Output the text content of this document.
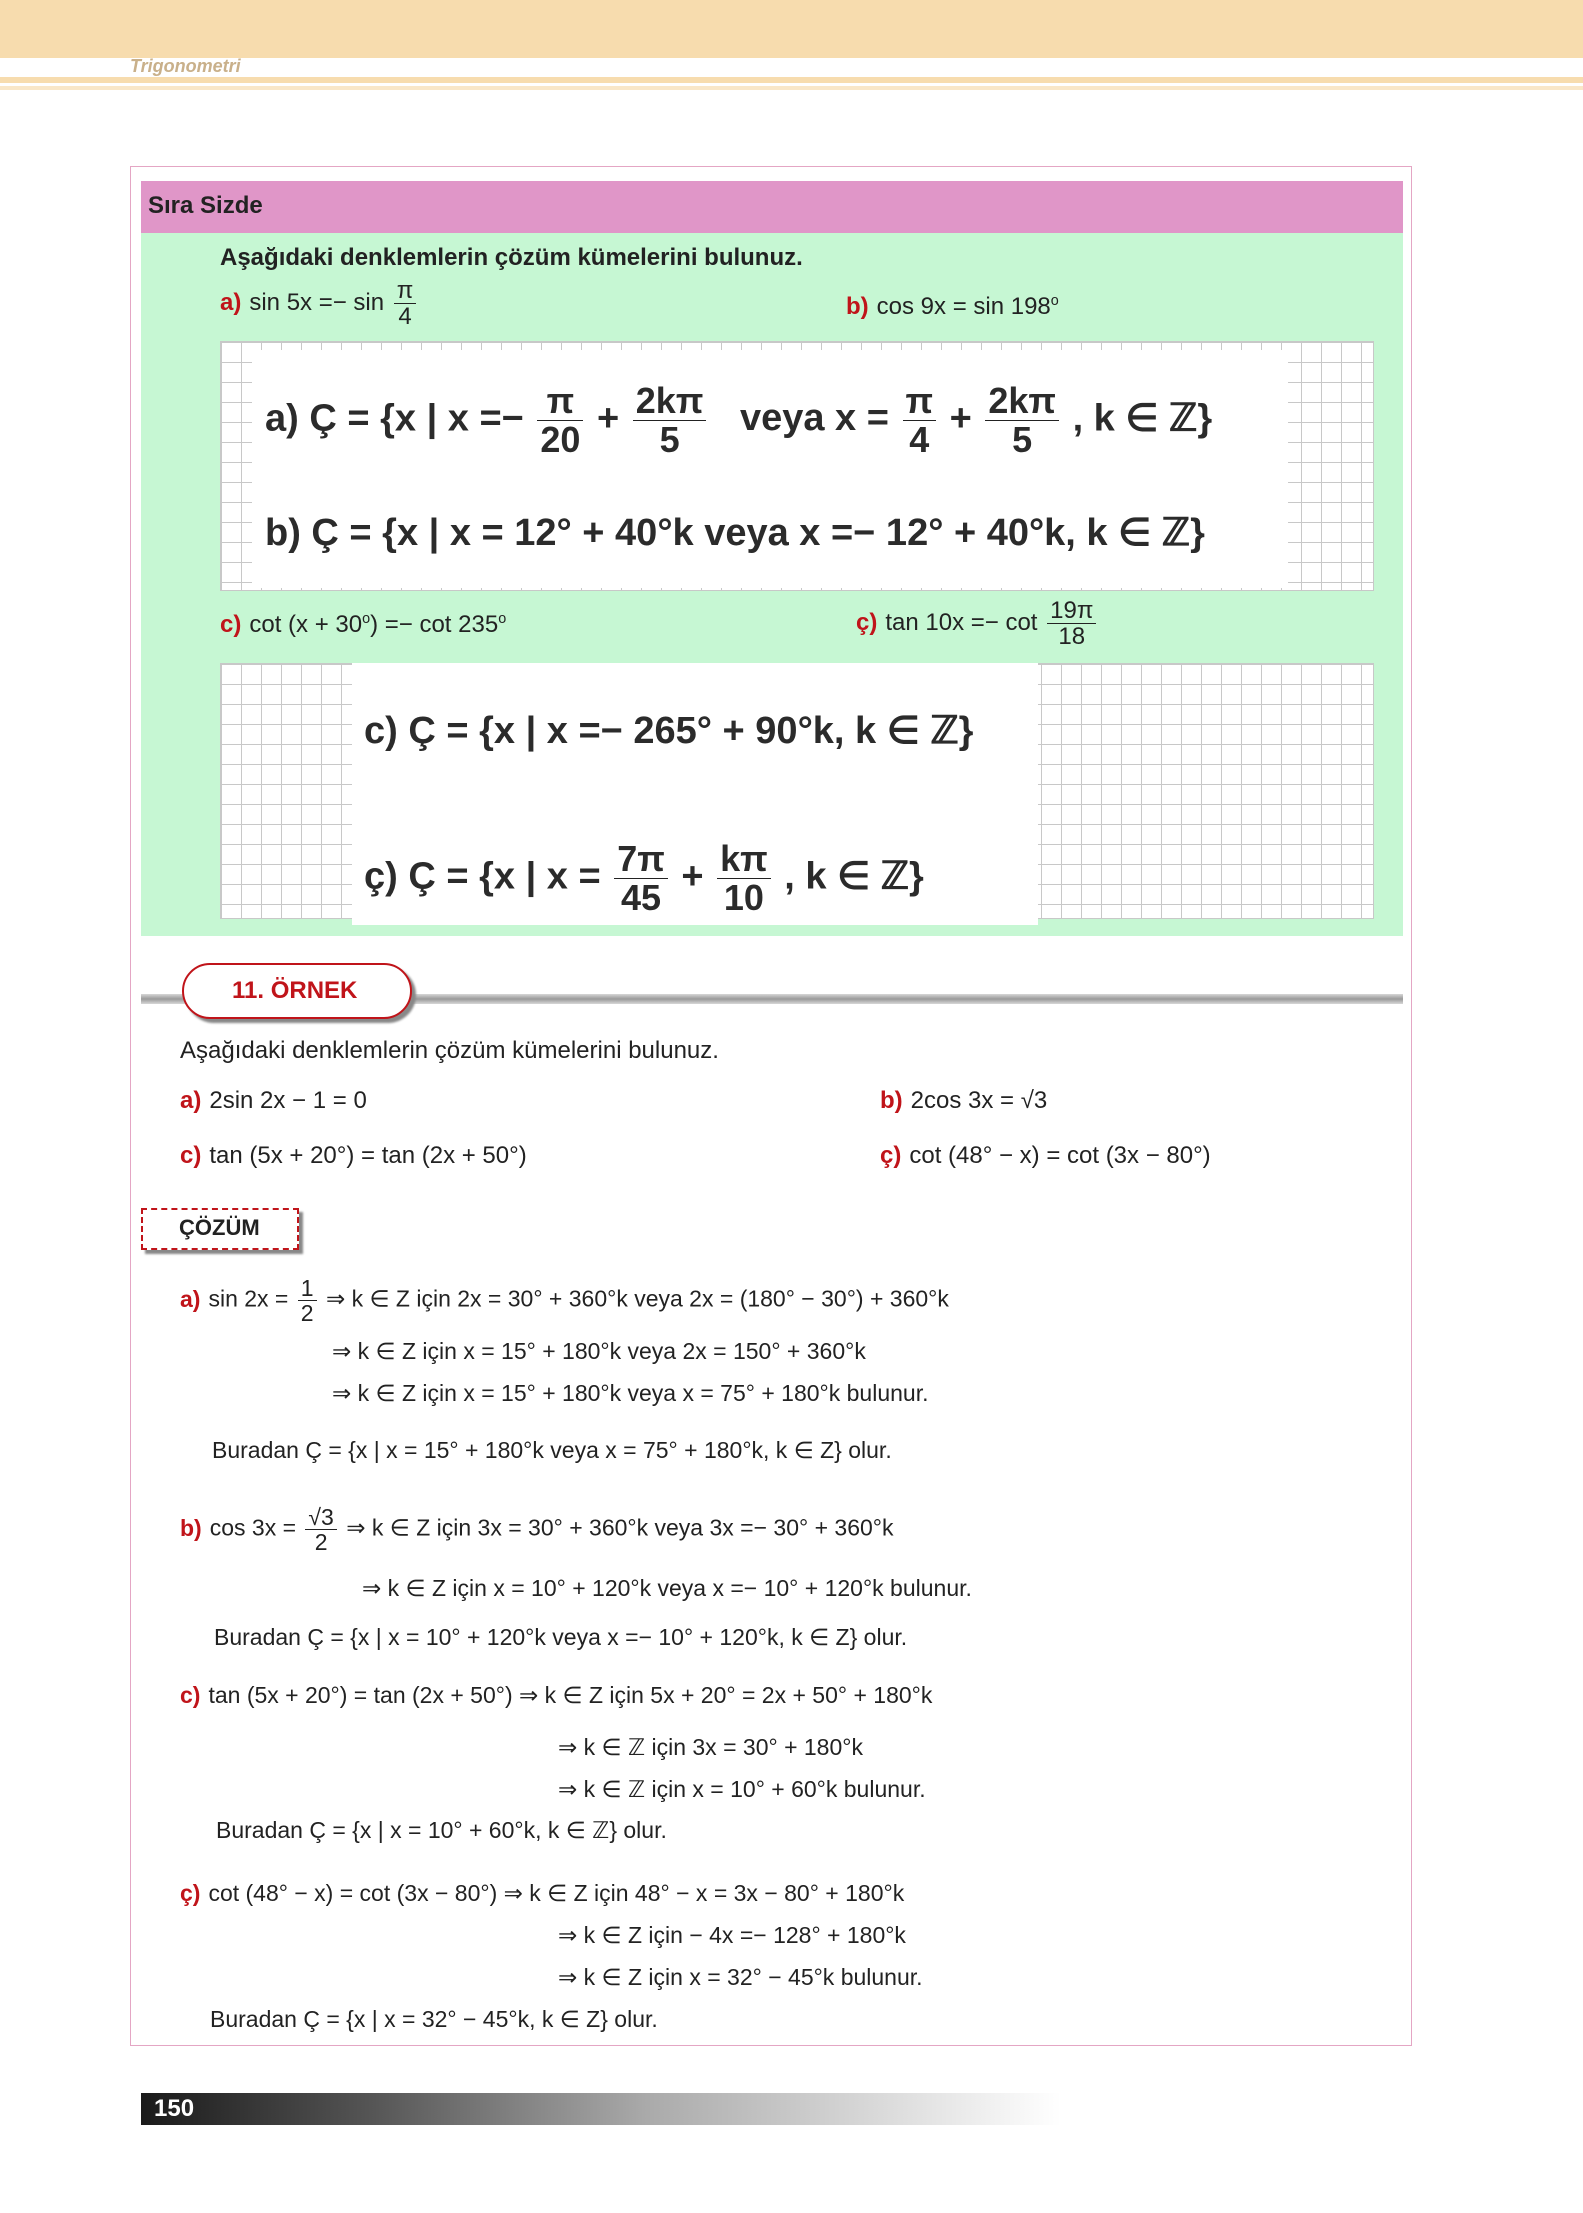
Trigonometri
Sıra Sizde
Aşağıdaki denklemlerin çözüm kümelerini bulunuz.
a) $\sin 5x =- \sin \frac{\pi}{4}$	b) cos 9x = sin 198$^o$
a) Ç = {x | $x =- \frac{\pi}{20} + \frac{2k\pi}{5}$ veya $x = \frac{\pi}{4} + \frac{2k\pi}{5}$ , k ∈ ℤ}
b) Ç = {x | x = 12° + 40°k veya x =− 12° + 40°k, k ∈ ℤ}
c) $\cot (x + 30^o) =- \cot 235^o$	ç) $\tan 10x =- \cot \frac{19\pi}{18}$
c) Ç = {x | x =− 265° + 90°k, k ∈ ℤ}
ç) Ç = {x | $x = \frac{7\pi}{45} + \frac{k\pi}{10}$ , k ∈ ℤ}
11. ÖRNEK
Aşağıdaki denklemlerin çözüm kümelerini bulunuz.
a) 2sin 2x − 1 = 0	b) 2cos 3x = √3
c) tan (5x + 20°) = tan (2x + 50°)	ç) cot (48° − x) = cot (3x − 80°)
ÇÖZÜM
a) $\sin 2x = \frac{1}{2}$ ⇒ k ∈ Z için 2x = 30° + 360°k veya 2x = (180° − 30°) + 360°k
⇒ k ∈ Z için x = 15° + 180°k veya 2x = 150° + 360°k
⇒ k ∈ Z için x = 15° + 180°k veya x = 75° + 180°k bulunur.
Buradan Ç = {x | x = 15° + 180°k veya x = 75° + 180°k, k ∈ Z} olur.
b) $\cos 3x = \frac{√3}{2}$ ⇒ k ∈ Z için 3x = 30° + 360°k veya 3x =− 30° + 360°k
⇒ k ∈ Z için x = 10° + 120°k veya x =− 10° + 120°k bulunur.
Buradan Ç = {x | x = 10° + 120°k veya x =− 10° + 120°k, k ∈ Z} olur.
c) tan (5x + 20°) = tan (2x + 50°) ⇒ k ∈ Z için 5x + 20° = 2x + 50° + 180°k
⇒ k ∈ ℤ için 3x = 30° + 180°k
⇒ k ∈ ℤ için x = 10° + 60°k bulunur.
Buradan Ç = {x | x = 10° + 60°k, k ∈ ℤ} olur.
ç) cot (48° − x) = cot (3x − 80°) ⇒ k ∈ Z için 48° − x = 3x − 80° + 180°k
⇒ k ∈ Z için − 4x =− 128° + 180°k
⇒ k ∈ Z için x = 32° − 45°k bulunur.
Buradan Ç = {x | x = 32° − 45°k, k ∈ Z} olur.
150
